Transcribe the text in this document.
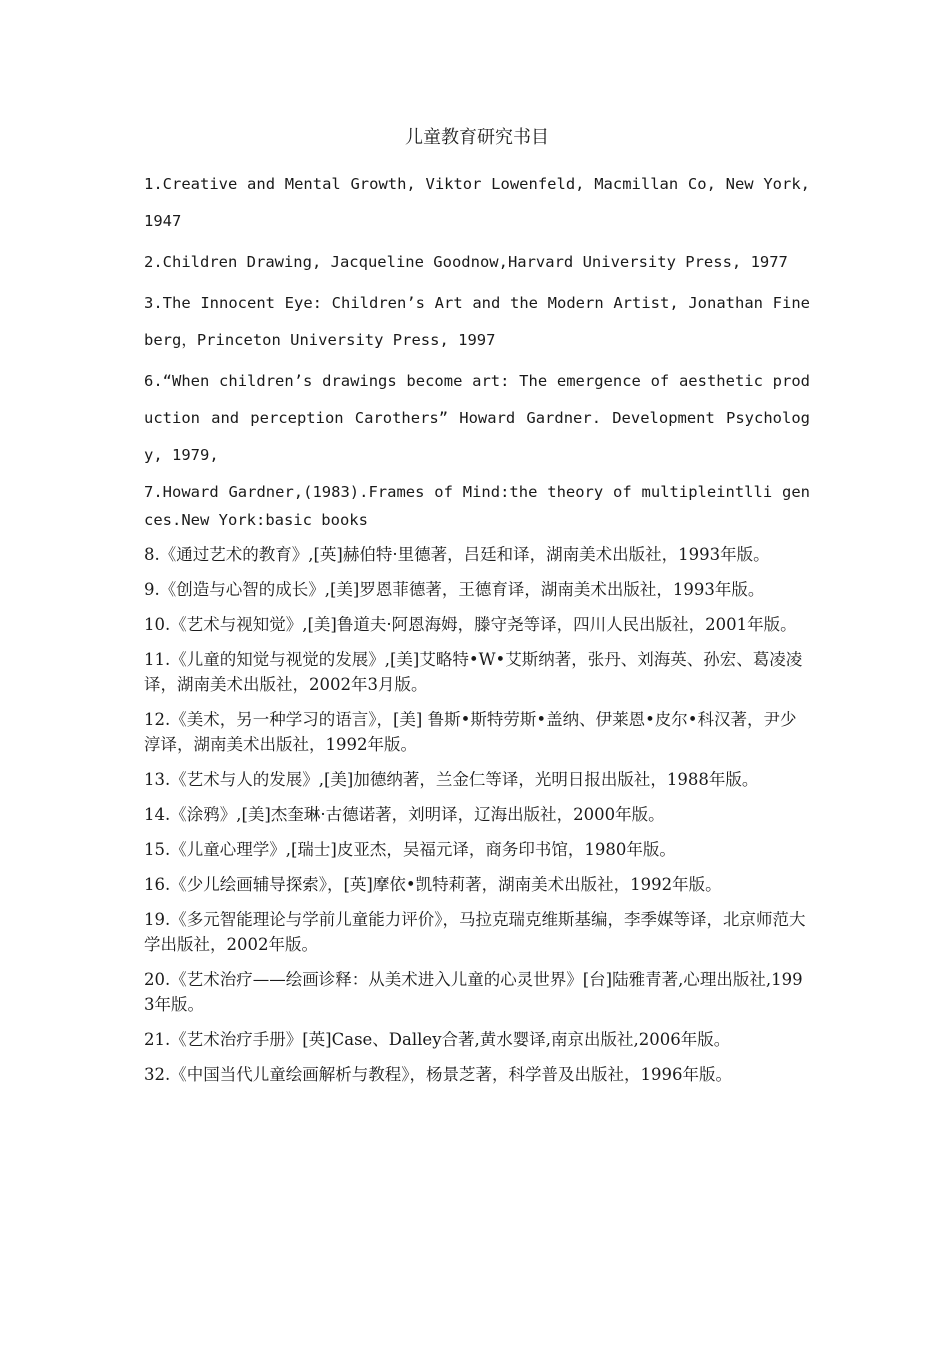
儿童教育研究书目
1.Creative and Mental Growth, Viktor Lowenfeld, Macmillan Co, New York, 1947
2.Children Drawing, Jacqueline Goodnow,Harvard University Press, 1977
3.The Innocent Eye: Children’s Art and the Modern Artist, Jonathan Fineberg，Princeton University Press, 1997
6.“When children’s drawings become art: The emergence of aesthetic production and perception Carothers” Howard Gardner. Development Psychology, 1979,
7.Howard Gardner,(1983).Frames of Mind:the theory of multipleintlli gences.New York:basic books
8.《通过艺术的教育》,[英]赫伯特·里德著，吕廷和译，湖南美术出版社，1993年版。
9.《创造与心智的成长》,[美]罗恩菲德著，王德育译，湖南美术出版社，1993年版。
10.《艺术与视知觉》,[美]鲁道夫·阿恩海姆，滕守尧等译，四川人民出版社，2001年版。
11.《儿童的知觉与视觉的发展》,[美]艾略特•W•艾斯纳著，张丹、刘海英、孙宏、葛凌凌译，湖南美术出版社，2002年3月版。
12.《美术，另一种学习的语言》，[美] 鲁斯•斯特劳斯•盖纳、伊莱恩•皮尔•科汉著，尹少淳译，湖南美术出版社，1992年版。
13.《艺术与人的发展》,[美]加德纳著，兰金仁等译，光明日报出版社，1988年版。
14.《涂鸦》,[美]杰奎琳·古德诺著，刘明译，辽海出版社，2000年版。
15.《儿童心理学》,[瑞士]皮亚杰，吴福元译，商务印书馆，1980年版。
16.《少儿绘画辅导探索》，[英]摩依•凯特莉著，湖南美术出版社，1992年版。
19.《多元智能理论与学前儿童能力评价》，马拉克瑞克维斯基编，李季媒等译，北京师范大学出版社，2002年版。
20.《艺术治疗——绘画诊释：从美术进入儿童的心灵世界》[台]陆雅青著,心理出版社,1993年版。
21.《艺术治疗手册》[英]Case、Dalley合著,黄水婴译,南京出版社,2006年版。
32.《中国当代儿童绘画解析与教程》，杨景芝著，科学普及出版社，1996年版。
